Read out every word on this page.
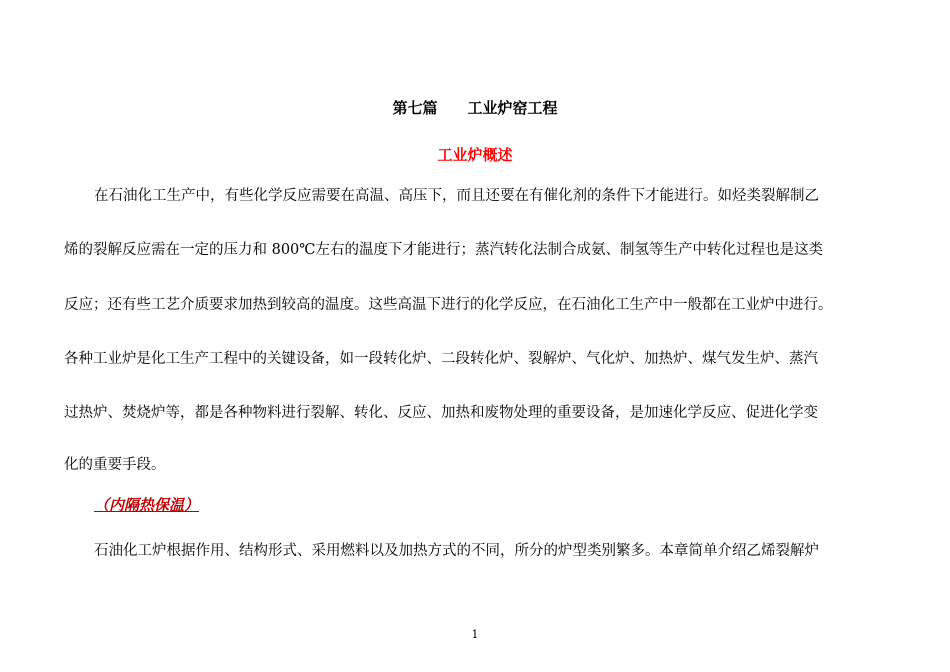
第七篇　　工业炉窑工程
工业炉概述
在石油化工生产中，有些化学反应需要在高温、高压下，而且还要在有催化剂的条件下才能进行。如烃类裂解制乙
烯的裂解反应需在一定的压力和 800℃左右的温度下才能进行；蒸汽转化法制合成氨、制氢等生产中转化过程也是这类
反应；还有些工艺介质要求加热到较高的温度。这些高温下进行的化学反应，在石油化工生产中一般都在工业炉中进行。
各种工业炉是化工生产工程中的关键设备，如一段转化炉、二段转化炉、裂解炉、气化炉、加热炉、煤气发生炉、蒸汽
过热炉、焚烧炉等，都是各种物料进行裂解、转化、反应、加热和废物处理的重要设备，是加速化学反应、促进化学变
化的重要手段。
（内隔热保温）
石油化工炉根据作用、结构形式、采用燃料以及加热方式的不同，所分的炉型类别繁多。本章简单介绍乙烯裂解炉
1
